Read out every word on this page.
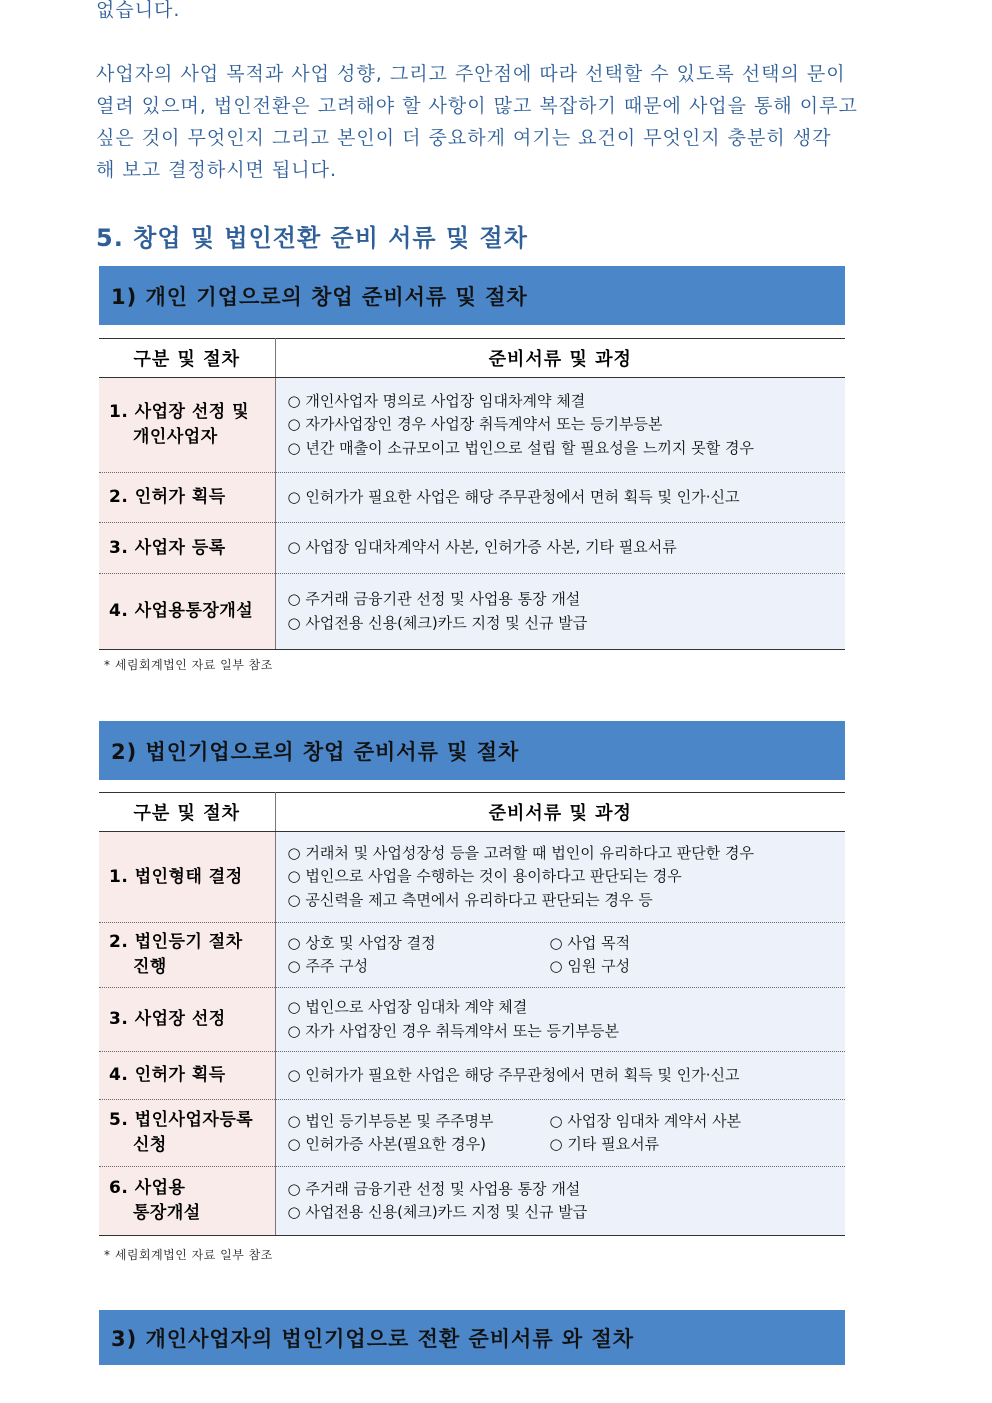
없습니다.
사업자의 사업 목적과 사업 성향, 그리고 주안점에 따라 선택할 수 있도록 선택의 문이
열려 있으며, 법인전환은 고려해야 할 사항이 많고 복잡하기 때문에 사업을 통해 이루고
싶은 것이 무엇인지 그리고 본인이 더 중요하게 여기는 요건이 무엇인지 충분히 생각
해 보고 결정하시면 됩니다.
5. 창업 및 법인전환 준비 서류 및 절차
1) 개인 기업으로의 창업 준비서류 및 절차
구분 및 절차	준비서류 및 과정
1. 사업장 선정 및
개인사업자	○ 개인사업자 명의로 사업장 임대차계약 체결
○ 자가사업장인 경우 사업장 취득계약서 또는 등기부등본
○ 년간 매출이 소규모이고 법인으로 설립 할 필요성을 느끼지 못할 경우

2. 인허가 획득	○ 인허가가 필요한 사업은 해당 주무관청에서 면허 획득 및 인가·신고

3. 사업자 등록	○ 사업장 임대차계약서 사본, 인허가증 사본, 기타 필요서류

4. 사업용통장개설	○ 주거래 금융기관 선정 및 사업용 통장 개설
○ 사업전용 신용(체크)카드 지정 및 신규 발급
* 세림회계법인 자료 일부 참조
2) 법인기업으로의 창업 준비서류 및 절차
구분 및 절차	준비서류 및 과정
1. 법인형태 결정	○ 거래처 및 사업성장성 등을 고려할 때 법인이 유리하다고 판단한 경우
○ 법인으로 사업을 수행하는 것이 용이하다고 판단되는 경우
○ 공신력을 제고 측면에서 유리하다고 판단되는 경우 등

2. 법인등기 절차
진행	○ 상호 및 사업장 결정 ○ 사업 목적
○ 주주 구성 ○ 임원 구성

3. 사업장 선정	○ 법인으로 사업장 임대차 계약 체결
○ 자가 사업장인 경우 취득계약서 또는 등기부등본

4. 인허가 획득	○ 인허가가 필요한 사업은 해당 주무관청에서 면허 획득 및 인가·신고

5. 법인사업자등록
신청	○ 법인 등기부등본 및 주주명부 ○ 사업장 임대차 계약서 사본
○ 인허가증 사본(필요한 경우) ○ 기타 필요서류

6. 사업용
통장개설	○ 주거래 금융기관 선정 및 사업용 통장 개설
○ 사업전용 신용(체크)카드 지정 및 신규 발급
* 세림회계법인 자료 일부 참조
3) 개인사업자의 법인기업으로 전환 준비서류 와 절차
